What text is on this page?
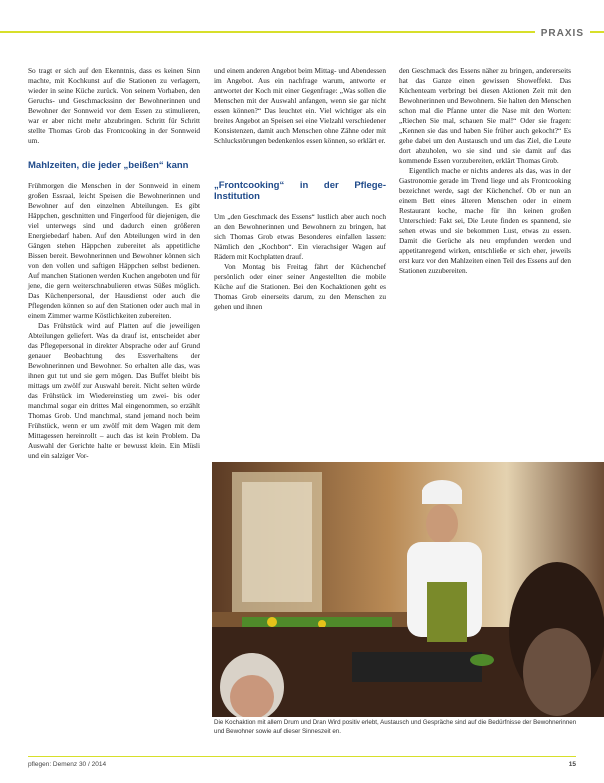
PRAXIS

So tragt er sich auf den Ekenntnis, dass es keinen Sinn machte, mit Kochkunst auf die Stationen zu verlagern, wieder in seine Küche zurück. Von seinem Vorhaben, den Geruchs- und Geschmackssinn der Bewohnerinnen und Bewohner der Sonnweid vor dem Essen zu stimulieren, war er aber nicht mehr abzubringen. Schritt für Schritt stellte Thomas Grob das Frontcooking in der Sonnweid um.

Mahlzeiten, die jeder „beißen“ kann

Frühmorgen die Menschen in der Sonnweid in einem großen Essraal, leicht Speisen die Bewohnerinnen und Bewohner auf den einzelnen Abteilungen. Es gibt Häppchen, geschnitten und Fingerfood für diejenigen, die viel unterwegs sind und dadurch einen größeren Energiebedarf haben. Auf den Abteilungen wird in den Gängen stehen Häppchen zubereitet als appetitliche Bissen bereit. Bewohnerinnen und Bewohner können sich von den vollen und saftigen Häppchen selbst bedienen. Auf manchen Stationen werden Kuchen angeboten und für jene, die gern weiterschnabulieren etwas Süßes möglich. Das Küchenpersonal, der Hausdienst oder auch die Pflegenden können so auf den Stationen oder auch mal in einem Zimmer warme Köstlichkeiten zubereiten.

Das Frühstück wird auf Platten auf die jeweiligen Abteilungen geliefert. Was da drauf ist, entscheidet aber das Pflegepersonal in direkter Absprache oder auf Grund genauer Beobachtung des Essverhaltens der Bewohnerinnen und Bewohner. So erhalten alle das, was ihnen gut tut und sie gern mögen. Das Buffet bleibt bis mittags um zwölf zur Auswahl bereit. Nicht selten würde das Frühstück im Wiedereinstieg um zwei- bis oder manchmal sogar ein drittes Mal eingenommen, so erzählt Thomas Grob. Und manchmal, stand jemand noch beim Frühstück, wenn er um zwölf mit dem Wagen mit dem Mittagessen hereinrollt – auch das ist kein Problem. Da Auswahl der Gerichte halte er bewusst klein. Ein Müsli und ein salziger Vor-

und einem anderen Angebot beim Mittag- und Abendessen im Angebot. Aus ein nachfrage warum, antworte er antwortet der Koch mit einer Gegenfrage: „Was sollen die Menschen mit der Auswahl anfangen, wenn sie gar nicht essen können?“ Das leuchtet ein. Viel wichtiger als ein breites Angebot an Speisen sei eine Vielzahl verschiedener Konsistenzen, damit auch Menschen ohne Zähne oder mit Schluckstörungen bedenkenlos essen können, so erklärt er.

„Frontcooking“ in der Pflege-Institution

Um „den Geschmack des Essens“ lustlich aber auch noch an den Bewohnerinnen und Bewohnern zu bringen, hat sich Thomas Grob etwas Besonderes einfallen lassen: Nämlich den „Kochbon“. Ein vierachsiger Wagen auf Rädern mit Kochplatten drauf.

Von Montag bis Freitag fährt der Küchenchef persönlich oder einer seiner Angestellten die mobile Küche auf die Stationen. Bei den Kochaktionen geht es Thomas Grob einerseits darum, zu den Menschen zu gehen und ihnen

den Geschmack des Essens näher zu bringen, andererseits hat das Ganze einen gewissen Showeffekt. Das Küchenteam verbringt bei diesen Aktionen Zeit mit den Bewohnerinnen und Bewohnern. Sie halten den Menschen schon mal die Pfanne unter die Nase mit den Worten: „Riechen Sie mal, schauen Sie mal!“ Oder sie fragen: „Kennen sie das und haben Sie früher auch gekocht?“ Es gehe dabei um den Austausch und um das Ziel, die Leute dort abzuholen, wo sie sind und sie damit auf das kommende Essen vorzubereiten, erklärt Thomas Grob.

Eigentlich mache er nichts anderes als das, was in der Gastronomie gerade im Trend liege und als Frontcooking bezeichnet werde, sagt der Küchenchef. Ob er nun an einem Bett eines älteren Menschen oder in einem Restaurant koche, mache für ihn keinen großen Unterschied: Fakt sei, Die Leute finden es spannend, sie sehen etwas und sie bekommen Lust, etwas zu essen. Damit die Gerüche als neu empfunden werden und appetitanregend wirken, entschließe er sich eher, jeweils erst kurz vor den Mahlzeiten einen Teil des Essens auf den Stationen zuzubereiten.

Die Kochaktion mit allem Drum und Dran Wird positiv erlebt, Austausch und Gespräche sind auf die Bedürfnisse der Bewohnerinnen und Bewohner sowie auf dieser Sinneszeit en.
pflegen: Demenz 30 / 2014	15
